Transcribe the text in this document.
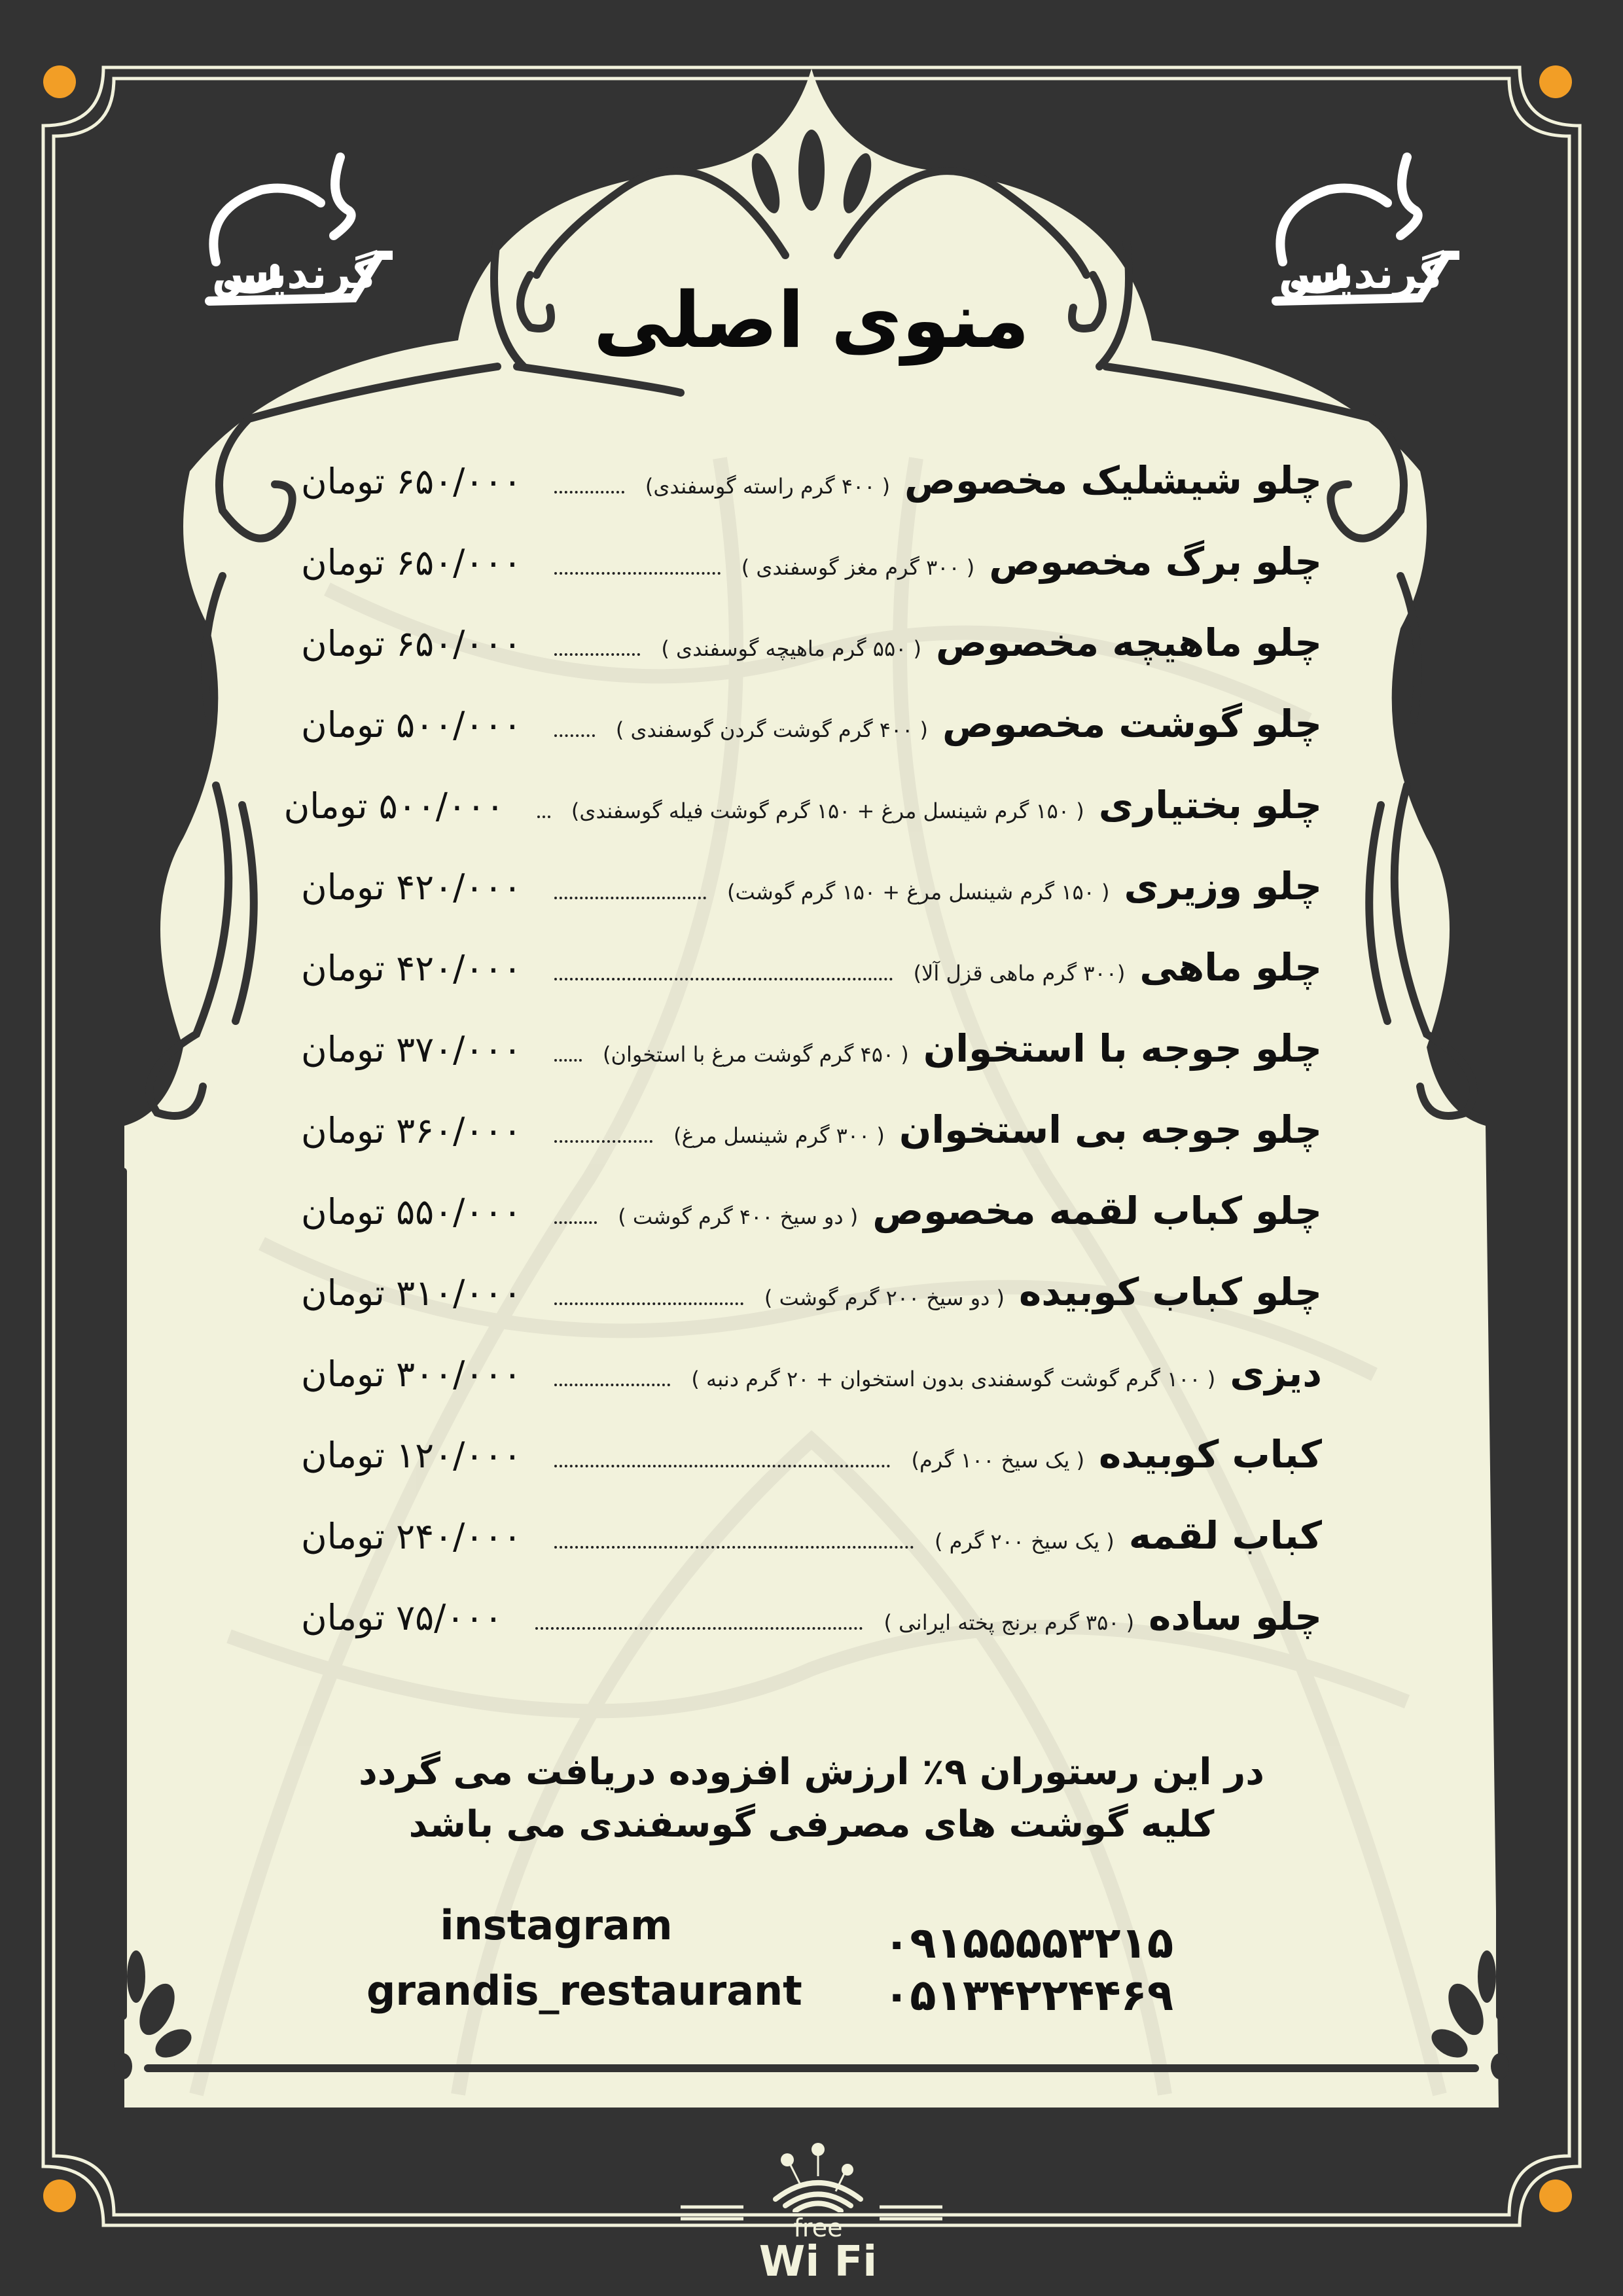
گرندیس	گرندیس
منوی اصلی
چلو شیشلیک مخصوص
( ۴۰۰ گرم راسته گوسفندی)
۶۵۰/۰۰۰ تومان
چلو برگ مخصوص
( ۳۰۰ گرم مغز گوسفندی )
۶۵۰/۰۰۰ تومان
چلو ماهیچه مخصوص
( ۵۵۰ گرم ماهیچه گوسفندی )
۶۵۰/۰۰۰ تومان
چلو گوشت مخصوص
( ۴۰۰ گرم گوشت گردن گوسفندی )
۵۰۰/۰۰۰ تومان
چلو بختیاری
( ۱۵۰ گرم شینسل مرغ + ۱۵۰ گرم گوشت فیله گوسفندی)
۵۰۰/۰۰۰ تومان
چلو وزیری
( ۱۵۰ گرم شینسل مرغ + ۱۵۰ گرم گوشت)
۴۲۰/۰۰۰ تومان
چلو ماهی
(۳۰۰ گرم ماهی قزل آلا)
۴۲۰/۰۰۰ تومان
چلو جوجه با استخوان
( ۴۵۰ گرم گوشت مرغ با استخوان)
۳۷۰/۰۰۰ تومان
چلو جوجه بی استخوان
( ۳۰۰ گرم شینسل مرغ)
۳۶۰/۰۰۰ تومان
چلو کباب لقمه مخصوص
( دو سیخ ۴۰۰ گرم گوشت )
۵۵۰/۰۰۰ تومان
چلو کباب کوبیده
( دو سیخ ۲۰۰ گرم گوشت )
۳۱۰/۰۰۰ تومان
دیزی
( ۱۰۰ گرم گوشت گوسفندی بدون استخوان + ۲۰ گرم دنبه )
۳۰۰/۰۰۰ تومان
کباب کوبیده
( یک سیخ ۱۰۰ گرم)
۱۲۰/۰۰۰ تومان
کباب لقمه
( یک سیخ ۲۰۰ گرم )
۲۴۰/۰۰۰ تومان
چلو ساده
( ۳۵۰ گرم برنج پخته ایرانی )
۷۵/۰۰۰ تومان
در این رستوران ۹٪ ارزش افزوده دریافت می گردد
کلیه گوشت های مصرفی گوسفندی می باشد
instagram
grandis_restaurant
۰۹۱۵۵۵۵۳۲۱۵
۰۵۱۳۴۲۲۴۴۶۹
free
Wi Fi
